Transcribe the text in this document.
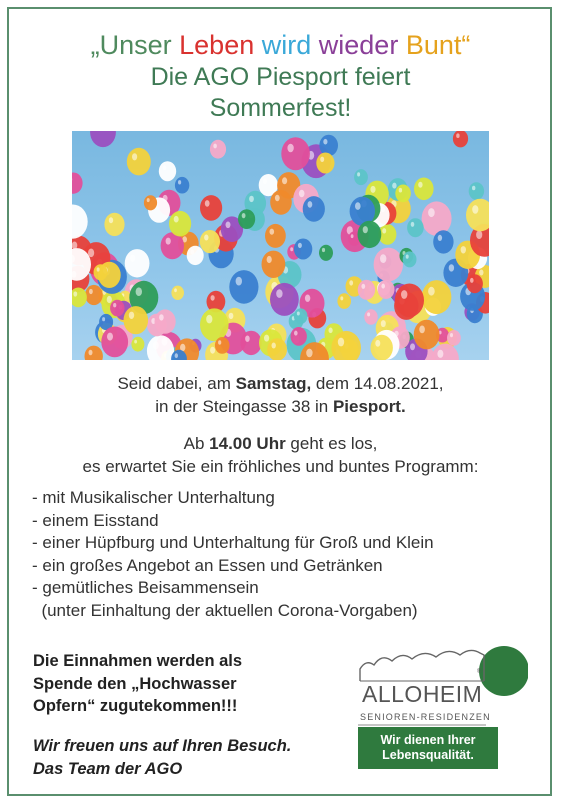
„Unser Leben wird wieder Bunt“
Die AGO Piesport feiert
Sommerfest!
Seid dabei, am Samstag, dem 14.08.2021,
in der Steingasse 38 in Piesport.
Ab 14.00 Uhr geht es los,
es erwartet Sie ein fröhliches und buntes Programm:
- mit Musikalischer Unterhaltung
- einem Eisstand
- einer Hüpfburg und Unterhaltung für Groß und Klein
- ein großes Angebot an Essen und Getränken
- gemütliches Beisammensein
(unter Einhaltung der aktuellen Corona-Vorgaben)
Die Einnahmen werden als
Spende den „Hochwasser
Opfern“ zugutekommen!!!
Wir freuen uns auf Ihren Besuch.
Das Team der AGO
ALLOHEIM
®
SENIOREN-RESIDENZEN
Wir dienen Ihrer
Lebensqualität.
